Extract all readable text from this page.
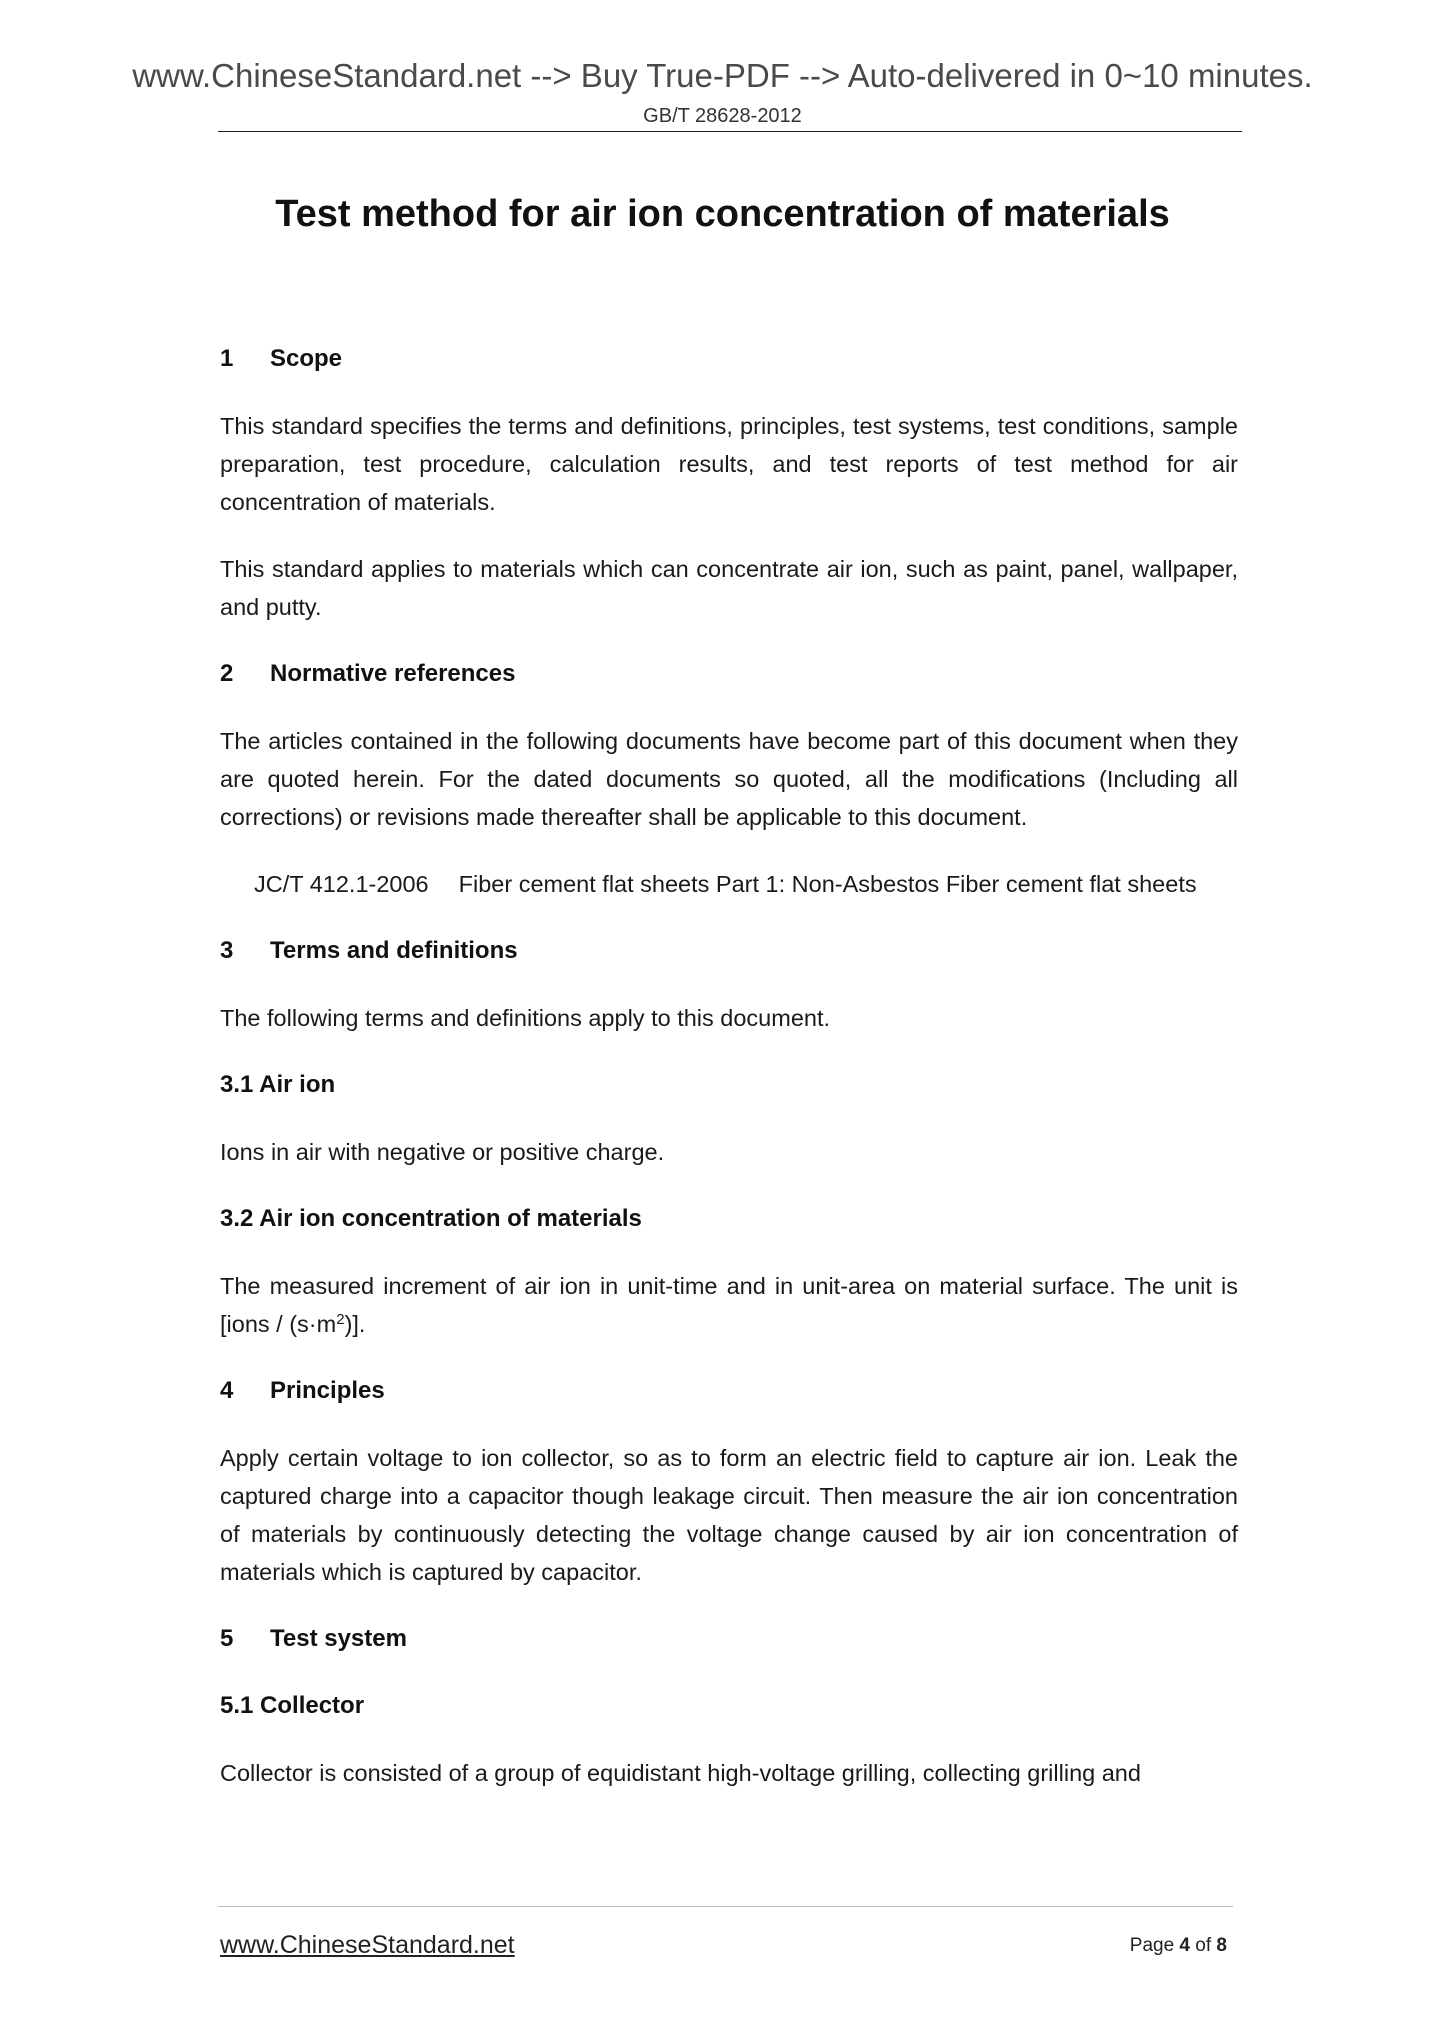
www.ChineseStandard.net --> Buy True-PDF --> Auto-delivered in 0~10 minutes.
GB/T 28628-2012
Test method for air ion concentration of materials
1 Scope

This standard specifies the terms and definitions, principles, test systems, test conditions, sample preparation, test procedure, calculation results, and test reports of test method for air concentration of materials.

This standard applies to materials which can concentrate air ion, such as paint, panel, wallpaper, and putty.

2 Normative references

The articles contained in the following documents have become part of this document when they are quoted herein. For the dated documents so quoted, all the modifications (Including all corrections) or revisions made thereafter shall be applicable to this document.

JC/T 412.1-2006 Fiber cement flat sheets Part 1: Non-Asbestos Fiber cement flat sheets
3 Terms and definitions

The following terms and definitions apply to this document.

3.1 Air ion

Ions in air with negative or positive charge.

3.2 Air ion concentration of materials

The measured increment of air ion in unit-time and in unit-area on material surface. The unit is [ions / $(s\cdot m^2)$].

4 Principles

Apply certain voltage to ion collector, so as to form an electric field to capture air ion. Leak the captured charge into a capacitor though leakage circuit. Then measure the air ion concentration of materials by continuously detecting the voltage change caused by air ion concentration of materials which is captured by capacitor.

5 Test system
5.1 Collector

Collector is consisted of a group of equidistant high-voltage grilling, collecting grilling and

www.ChineseStandard.net	Page 4 of 8
